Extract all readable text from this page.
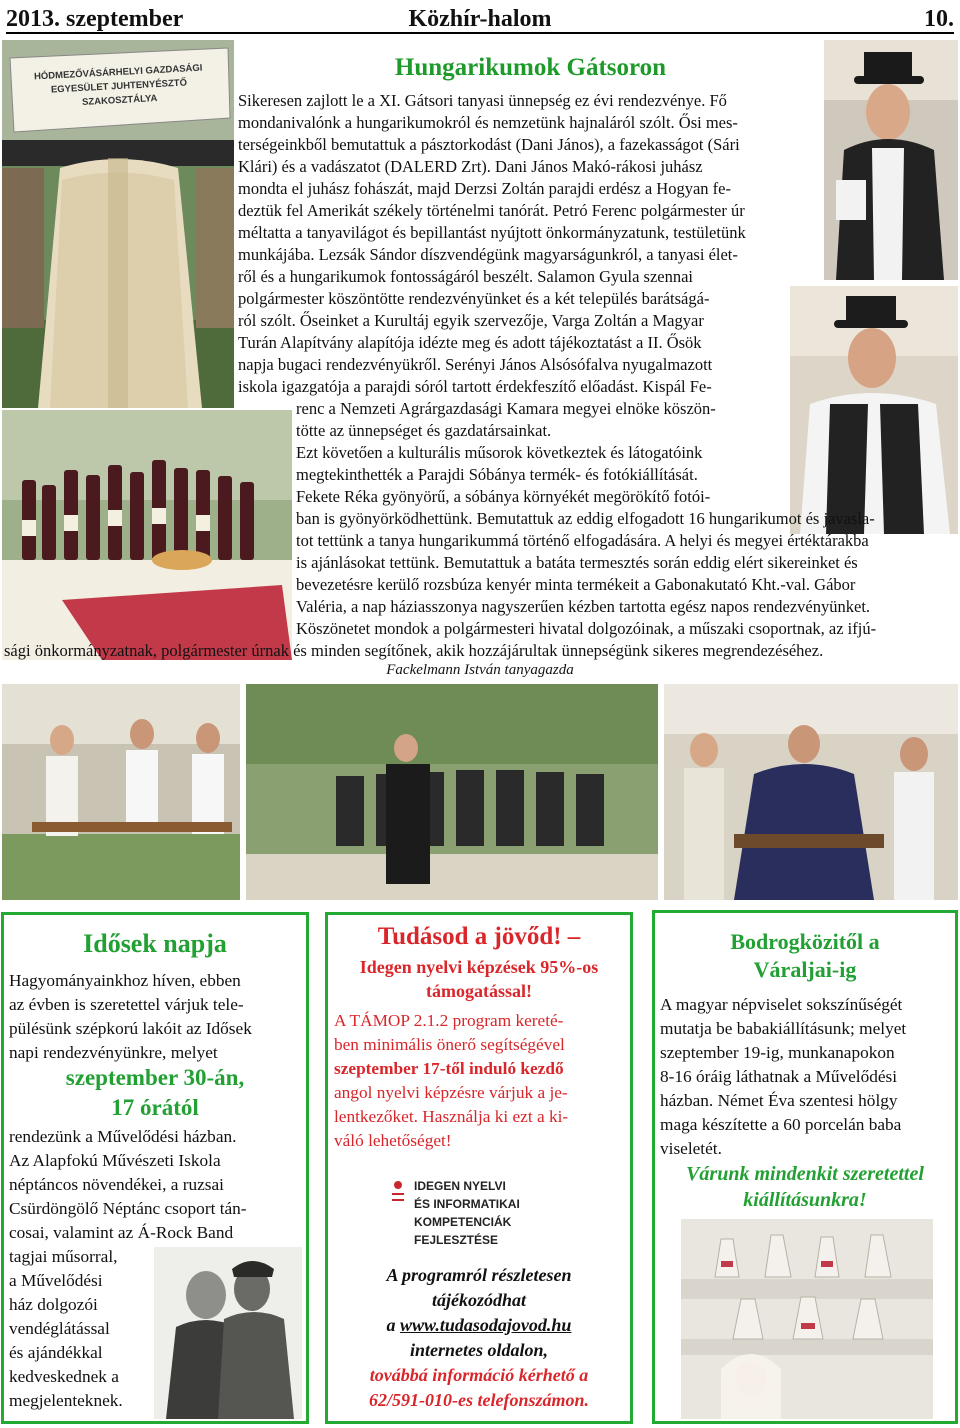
2013. szeptember	Közhír-halom	10.
HÓDMEZŐVÁSÁRHELYI GAZDASÁGI
EGYESÜLET JUHTENYÉSZTŐ SZAKOSZTÁLYA
Hungarikumok Gátsoron
Sikeresen zajlott le a XI. Gátsori tanyasi ünnepség ez évi rendezvénye. Fő
mondanivalónk a hungarikumokról és nemzetünk hajnaláról szólt. Ősi mes-
terségeinkből bemutattuk a pásztorkodást (Dani János), a fazekasságot (Sári
Klári) és a vadászatot (DALERD Zrt). Dani János Makó-rákosi juhász
mondta el juhász fohászát, majd Derzsi Zoltán parajdi erdész a Hogyan fe-
deztük fel Amerikát székely történelmi tanórát. Petró Ferenc polgármester úr
méltatta a tanyavilágot és bepillantást nyújtott önkormányzatunk, testületünk
munkájába. Lezsák Sándor díszvendégünk magyarságunkról, a tanyasi élet-
ről és a hungarikumok fontosságáról beszélt. Salamon Gyula szennai
polgármester köszöntötte rendezvényünket és a két település barátságá-
ról szólt. Őseinket a Kurultáj egyik szervezője, Varga Zoltán a Magyar
Turán Alapítvány alapítója idézte meg és adott tájékoztatást a II. Ősök
napja bugaci rendezvényükről. Serényi János Alsósófalva nyugalmazott
iskola igazgatója a parajdi sóról tartott érdekfeszítő előadást. Kispál Fe-
renc a Nemzeti Agrárgazdasági Kamara megyei elnöke köszön-
tötte az ünnepséget és gazdatársainkat.
Ezt követően a kulturális műsorok következtek és látogatóink
megtekinthették a Parajdi Sóbánya termék- és fotókiállítását.
Fekete Réka gyönyörű, a sóbánya környékét megörökítő fotói-
ban is gyönyörködhettünk. Bemutattuk az eddig elfogadott 16 hungarikumot és javasla-
tot tettünk a tanya hungarikummá történő elfogadására. A helyi és megyei értéktárakba
is ajánlásokat tettünk. Bemutattuk a batáta termesztés során eddig elért sikereinket és
bevezetésre kerülő rozsbúza kenyér minta termékeit a Gabonakutató Kht.-val. Gábor
Valéria, a nap háziasszonya nagyszerűen kézben tartotta egész napos rendezvényünket.
Köszönetet mondok a polgármesteri hivatal dolgozóinak, a műszaki csoportnak, az ifjú-
sági önkormányzatnak, polgármester úrnak és minden segítőnek, akik hozzájárultak ünnepségünk sikeres megrendezéséhez.
Fackelmann István tanyagazda
Idősek napja
Hagyományainkhoz híven, ebben
az évben is szeretettel várjuk tele-
pülésünk szépkorú lakóit az Idősek
napi rendezvényünkre, melyet
szeptember 30-án,
17 órától
rendezünk a Művelődési házban.
Az Alapfokú Művészeti Iskola
néptáncos növendékei, a ruzsai
Csürdöngölő Néptánc csoport tán-
cosai, valamint az Á-Rock Band
tagjai műsorral,
a Művelődési
ház dolgozói
vendéglátással
és ajándékkal
kedveskednek a
megjelenteknek.
Tudásod a jövőd! –
Idegen nyelvi képzések 95%-os
támogatással!
A TÁMOP 2.1.2 program kereté-
ben minimális önerő segítségével
szeptember 17-től induló kezdő
angol nyelvi képzésre várjuk a je-
lentkezőket. Használja ki ezt a ki-
váló lehetőséget!
IDEGEN NYELVI
ÉS INFORMATIKAI
KOMPETENCIÁK
FEJLESZTÉSE
A programról részletesen
tájékozódhat
a www.tudasodajovod.hu
internetes oldalon,
továbbá információ kérhető a
62/591-010-es telefonszámon.
Bodrogközitől a
Váraljai-ig
A magyar népviselet sokszínűségét
mutatja be babakiállításunk; melyet
szeptember 19-ig, munkanapokon
8-16 óráig láthatnak a Művelődési
házban. Német Éva szentesi hölgy
maga készítette a 60 porcelán baba
viseletét.
Várunk mindenkit szeretettel
kiállításunkra!
